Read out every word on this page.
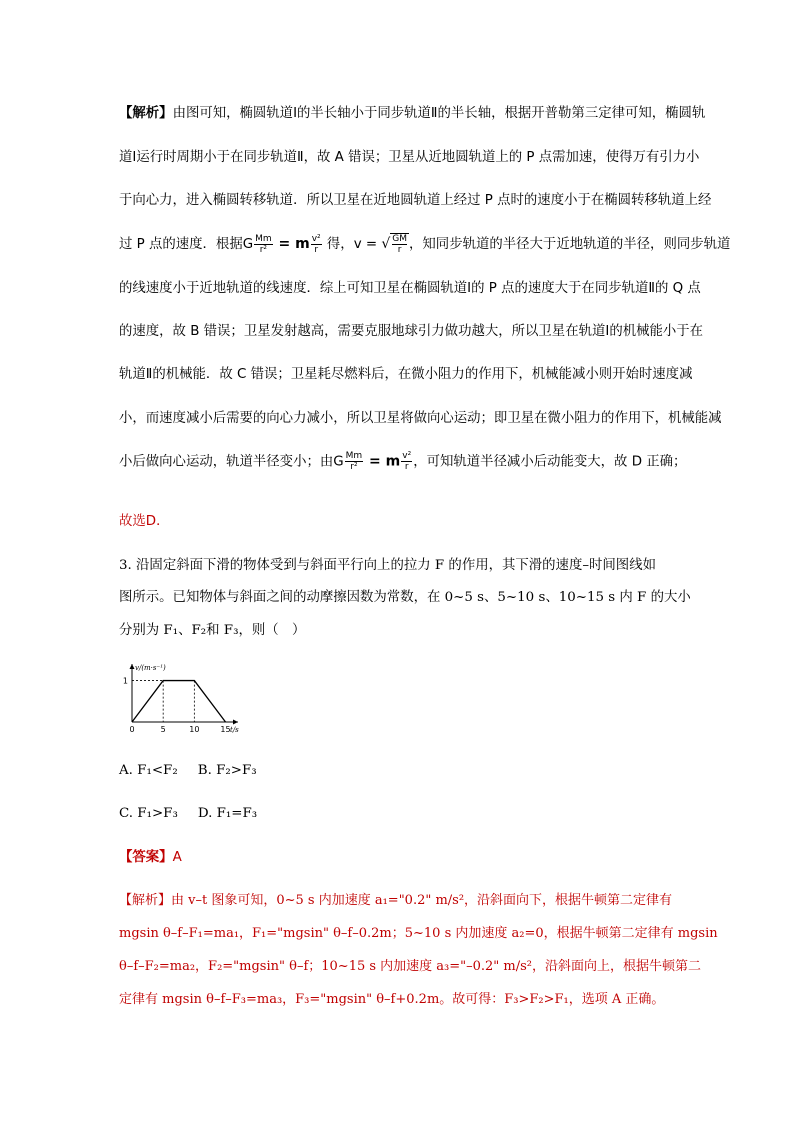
【解析】由图可知，椭圆轨道Ⅰ的半长轴小于同步轨道Ⅱ的半长轴，根据开普勒第三定律可知，椭圆轨
道Ⅰ运行时周期小于在同步轨道Ⅱ，故 A 错误；卫星从近地圆轨道上的 P 点需加速，使得万有引力小
于向心力，进入椭圆转移轨道．所以卫星在近地圆轨道上经过 P 点时的速度小于在椭圆转移轨道上经
过 P 点的速度．根据G $\frac{Mm}{\text{r²}} = m \frac{\text{v²}}{r}$ 得，v = √ $\frac{GM}{r}$ ，知同步轨道的半径大于近地轨道的半径，则同步轨道
的线速度小于近地轨道的线速度．综上可知卫星在椭圆轨道Ⅰ的 P 点的速度大于在同步轨道Ⅱ的 Q 点
的速度，故 B 错误；卫星发射越高，需要克服地球引力做功越大，所以卫星在轨道Ⅰ的机械能小于在
轨道Ⅱ的机械能．故 C 错误；卫星耗尽燃料后，在微小阻力的作用下，机械能减小则开始时速度减
小，而速度减小后需要的向心力减小，所以卫星将做向心运动；即卫星在微小阻力的作用下，机械能减
小后做向心运动，轨道半径变小；由G $\frac{Mm}{\text{r²}} = m \frac{\text{v²}}{r}$ ，可知轨道半径减小后动能变大，故 D 正确；
故选D．
3. 沿固定斜面下滑的物体受到与斜面平行向上的拉力 F 的作用，其下滑的速度–时间图线如
图所示。已知物体与斜面之间的动摩擦因数为常数，在 0~5 s、5~10 s、10~15 s 内 F 的大小
分别为 F₁、F₂和 F₃，则（　）
0	5	10	15
1
v/(m·s⁻¹)
t/s
A. F₁<F₂ B. F₂>F₃
C. F₁>F₃ D. F₁=F₃
【答案】A
【解析】由 v–t 图象可知，0~5 s 内加速度 a₁="0.2" m/s²，沿斜面向下，根据牛顿第二定律有
mgsin θ–f–F₁=ma₁，F₁="mgsin" θ–f–0.2m；5~10 s 内加速度 a₂=0，根据牛顿第二定律有 mgsin
θ–f–F₂=ma₂，F₂="mgsin" θ–f；10~15 s 内加速度 a₃="–0.2" m/s²，沿斜面向上，根据牛顿第二
定律有 mgsin θ–f–F₃=ma₃，F₃="mgsin" θ–f+0.2m。故可得：F₃>F₂>F₁，选项 A 正确。
